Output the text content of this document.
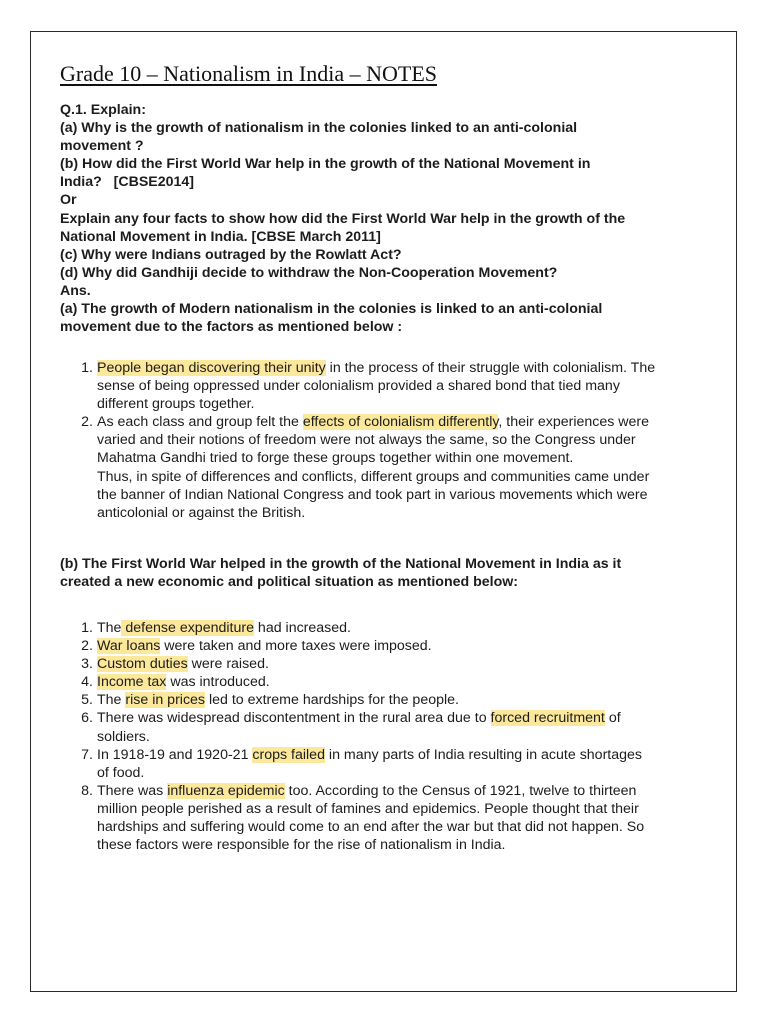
Grade 10 – Nationalism in India – NOTES

Q.1. Explain:

(a) Why is the growth of nationalism in the colonies linked to an anti-colonial movement ?

(b) How did the First World War help in the growth of the National Movement in India?   [CBSE2014]

Or

Explain any four facts to show how did the First World War help in the growth of the National Movement in India. [CBSE March 2011]

(c) Why were Indians outraged by the Rowlatt Act?

(d) Why did Gandhiji decide to withdraw the Non-Cooperation Movement?

Ans.

(a) The growth of Modern nationalism in the colonies is linked to an anti-colonial movement due to the factors as mentioned below :

1. People began discovering their unity in the process of their struggle with colonialism. The sense of being oppressed under colonialism provided a shared bond that tied many different groups together.
2. As each class and group felt the effects of colonialism differently, their experiences were varied and their notions of freedom were not always the same, so the Congress under Mahatma Gandhi tried to forge these groups together within one movement.
Thus, in spite of differences and conflicts, different groups and communities came under the banner of Indian National Congress and took part in various movements which were anticolonial or against the British.

(b) The First World War helped in the growth of the National Movement in India as it created a new economic and political situation as mentioned below:

1. The defense expenditure had increased.
2. War loans were taken and more taxes were imposed.
3. Custom duties were raised.
4. Income tax was introduced.
5. The rise in prices led to extreme hardships for the people.
6. There was widespread discontentment in the rural area due to forced recruitment of soldiers.
7. In 1918-19 and 1920-21 crops failed in many parts of India resulting in acute shortages of food.
8. There was influenza epidemic too. According to the Census of 1921, twelve to thirteen million people perished as a result of famines and epidemics. People thought that their hardships and suffering would come to an end after the war but that did not happen. So these factors were responsible for the rise of nationalism in India.
